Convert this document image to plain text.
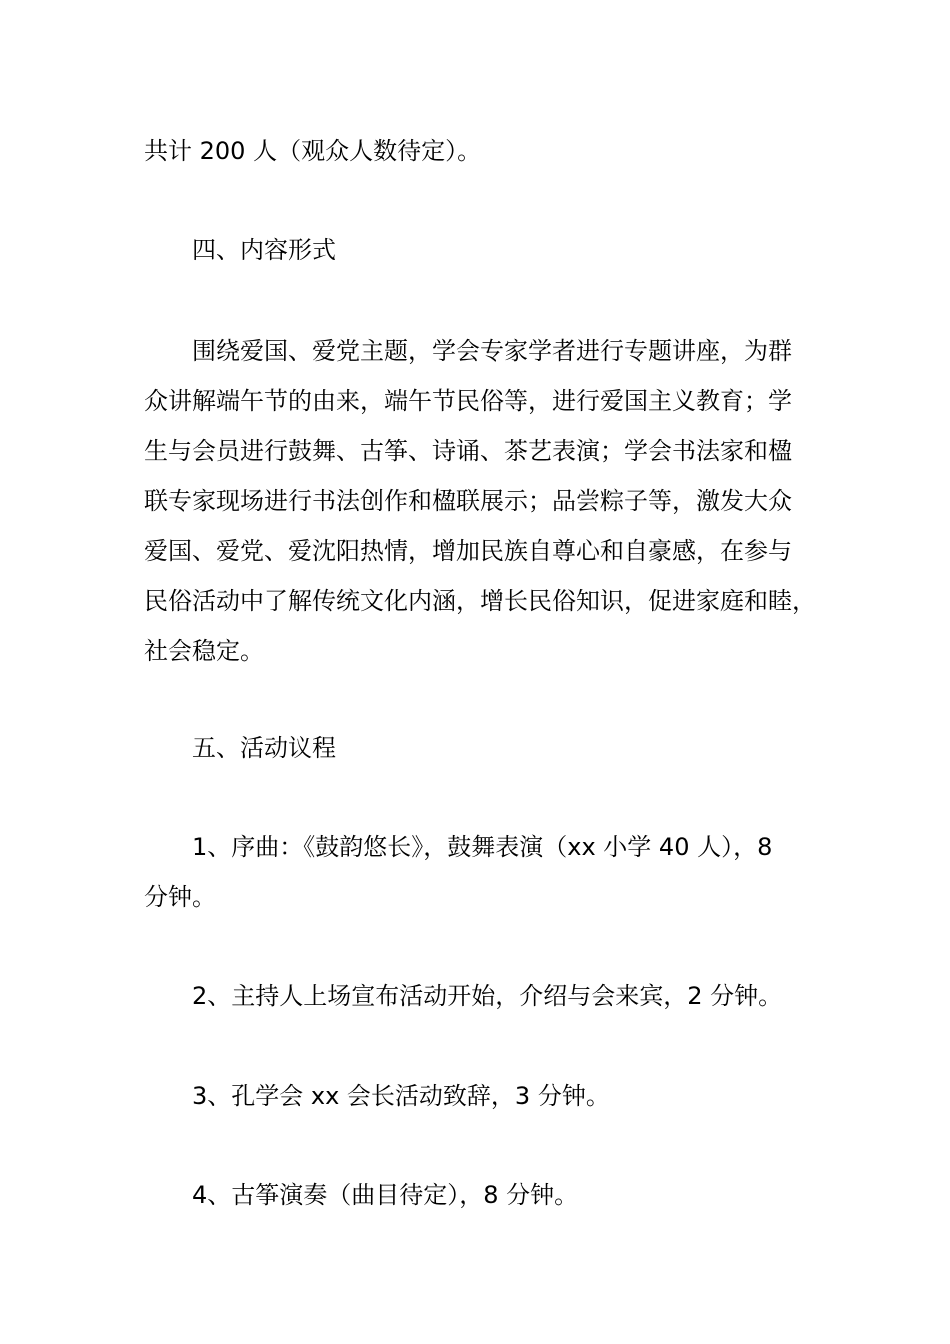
共计 200 人（观众人数待定）。
四、内容形式
围绕爱国、爱党主题，学会专家学者进行专题讲座，为群
众讲解端午节的由来，端午节民俗等，进行爱国主义教育；学
生与会员进行鼓舞、古筝、诗诵、茶艺表演；学会书法家和楹
联专家现场进行书法创作和楹联展示；品尝粽子等，激发大众
爱国、爱党、爱沈阳热情，增加民族自尊心和自豪感，在参与
民俗活动中了解传统文化内涵，增长民俗知识，促进家庭和睦，
社会稳定。
五、活动议程
1、序曲：《鼓韵悠长》，鼓舞表演（xx 小学 40 人），8
分钟。
2、主持人上场宣布活动开始，介绍与会来宾，2 分钟。
3、孔学会 xx 会长活动致辞，3 分钟。
4、古筝演奏（曲目待定），8 分钟。
